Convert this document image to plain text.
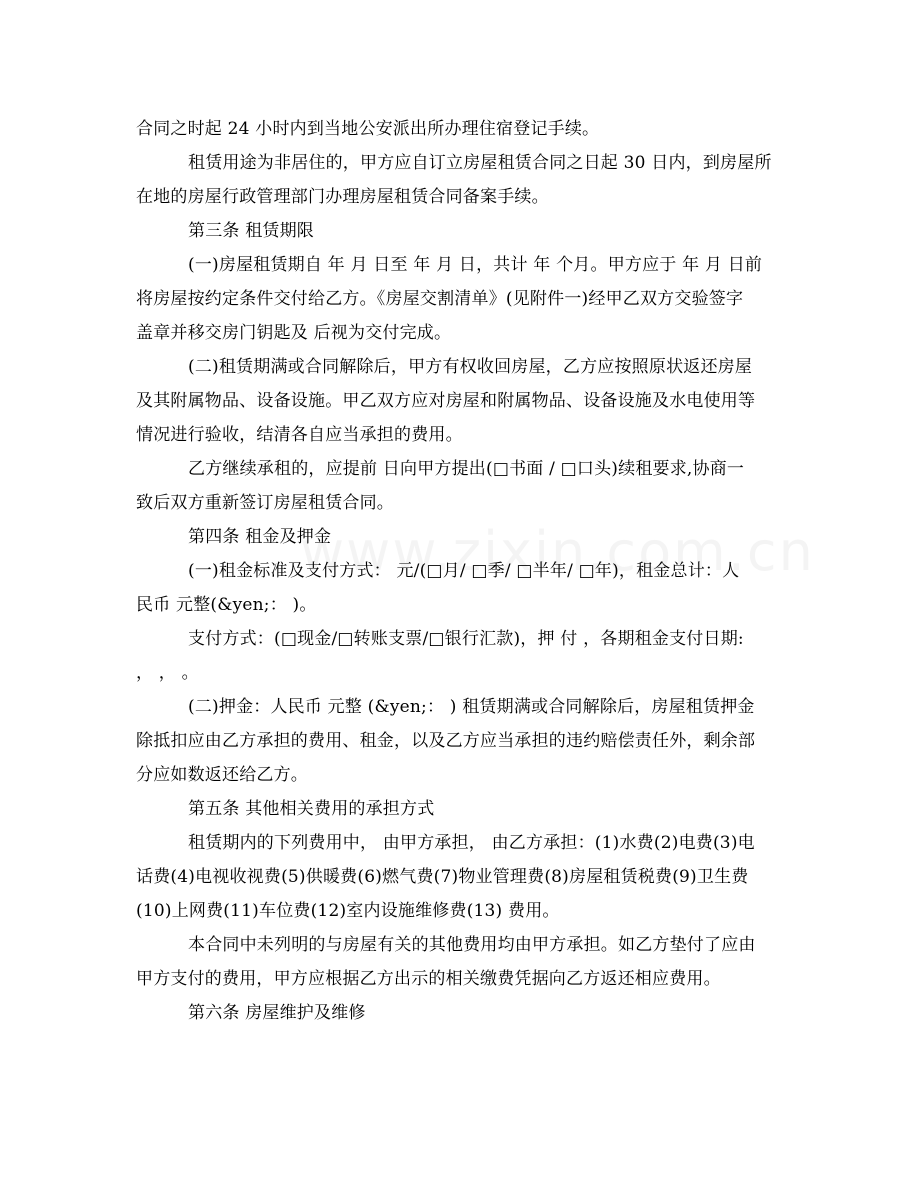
合同之时起 24 小时内到当地公安派出所办理住宿登记手续。

租赁用途为非居住的，甲方应自订立房屋租赁合同之日起 30 日内，到房屋所

在地的房屋行政管理部门办理房屋租赁合同备案手续。

第三条 租赁期限

(一)房屋租赁期自 年 月 日至 年 月 日，共计 年 个月。甲方应于 年 月 日前

将房屋按约定条件交付给乙方。《房屋交割清单》(见附件一)经甲乙双方交验签字

盖章并移交房门钥匙及 后视为交付完成。

(二)租赁期满或合同解除后，甲方有权收回房屋，乙方应按照原状返还房屋

及其附属物品、设备设施。甲乙双方应对房屋和附属物品、设备设施及水电使用等

情况进行验收，结清各自应当承担的费用。

乙方继续承租的，应提前 日向甲方提出(□书面 / □口头)续租要求,协商一

致后双方重新签订房屋租赁合同。

第四条 租金及押金

(一)租金标准及支付方式： 元/(□月/ □季/ □半年/ □年)，租金总计：人

民币 元整(&yen;： )。

支付方式：(□现金/□转账支票/□银行汇款)，押 付 ，各期租金支付日期:

， ， 。

(二)押金：人民币 元整 (&yen;： ) 租赁期满或合同解除后，房屋租赁押金

除抵扣应由乙方承担的费用、租金，以及乙方应当承担的违约赔偿责任外，剩余部

分应如数返还给乙方。

第五条 其他相关费用的承担方式

租赁期内的下列费用中， 由甲方承担， 由乙方承担：(1)水费(2)电费(3)电

话费(4)电视收视费(5)供暖费(6)燃气费(7)物业管理费(8)房屋租赁税费(9)卫生费

(10)上网费(11)车位费(12)室内设施维修费(13) 费用。

本合同中未列明的与房屋有关的其他费用均由甲方承担。如乙方垫付了应由

甲方支付的费用，甲方应根据乙方出示的相关缴费凭据向乙方返还相应费用。

第六条 房屋维护及维修
